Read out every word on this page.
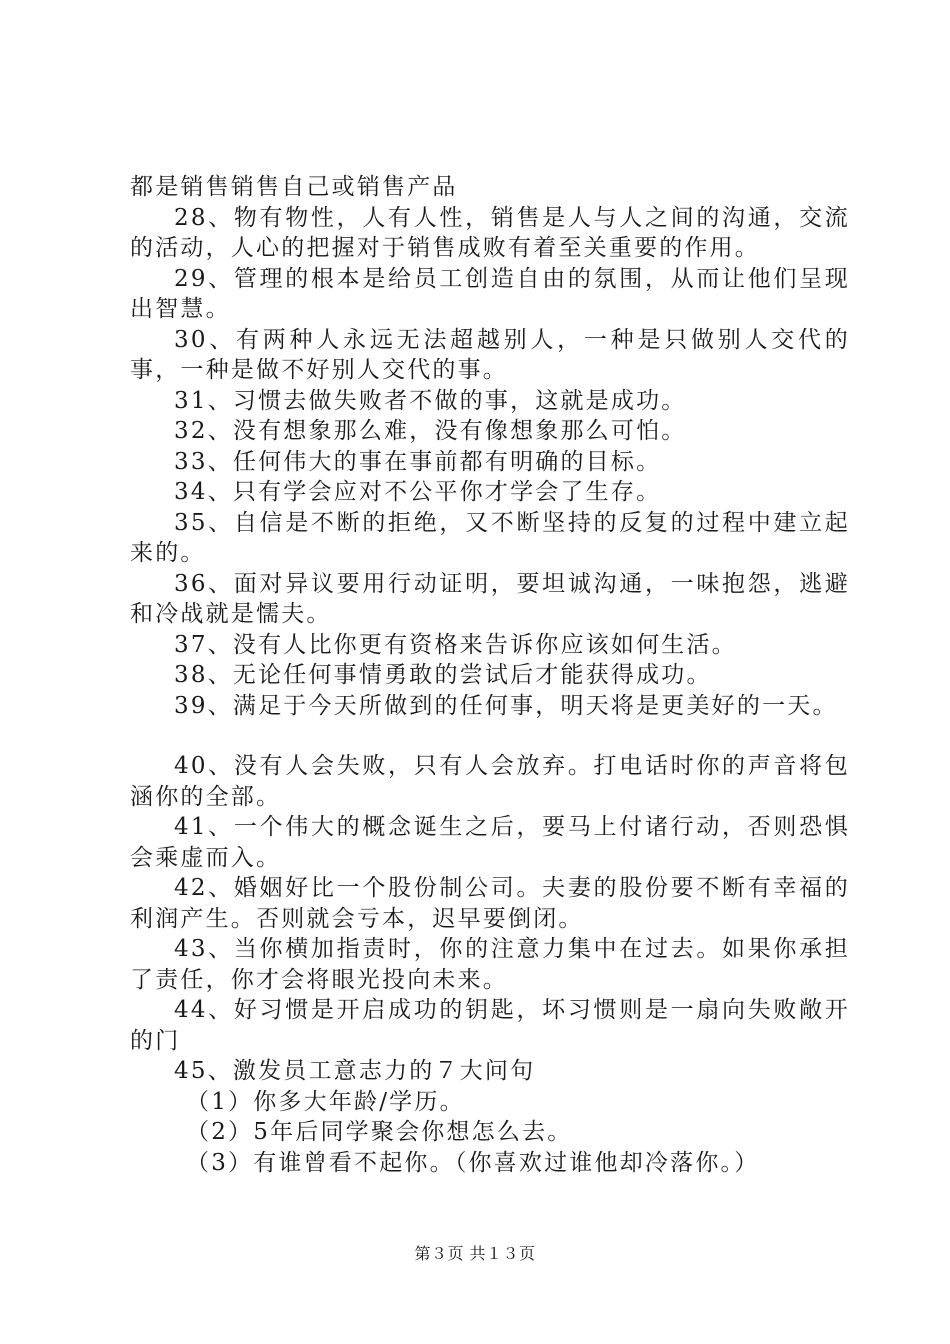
都是销售销售自己或销售产品

28、物有物性，人有人性，销售是人与人之间的沟通，交流的活动，人心的把握对于销售成败有着至关重要的作用。

29、管理的根本是给员工创造自由的氛围，从而让他们呈现出智慧。

30、有两种人永远无法超越别人，一种是只做别人交代的事，一种是做不好别人交代的事。

31、习惯去做失败者不做的事，这就是成功。

32、没有想象那么难，没有像想象那么可怕。

33、任何伟大的事在事前都有明确的目标。

34、只有学会应对不公平你才学会了生存。

35、自信是不断的拒绝，又不断坚持的反复的过程中建立起来的。

36、面对异议要用行动证明，要坦诚沟通，一味抱怨，逃避和冷战就是懦夫。

37、没有人比你更有资格来告诉你应该如何生活。

38、无论任何事情勇敢的尝试后才能获得成功。

39、满足于今天所做到的任何事，明天将是更美好的一天。

40、没有人会失败，只有人会放弃。打电话时你的声音将包涵你的全部。

41、一个伟大的概念诞生之后，要马上付诸行动，否则恐惧会乘虚而入。

42、婚姻好比一个股份制公司。夫妻的股份要不断有幸福的利润产生。否则就会亏本，迟早要倒闭。

43、当你横加指责时，你的注意力集中在过去。如果你承担了责任，你才会将眼光投向未来。

44、好习惯是开启成功的钥匙，坏习惯则是一扇向失败敞开的门

45、激发员工意志力的７大问句

（1）你多大年龄/学历。

（2）5年后同学聚会你想怎么去。

（3）有谁曾看不起你。（你喜欢过谁他却冷落你。）

第３页 共１３页
